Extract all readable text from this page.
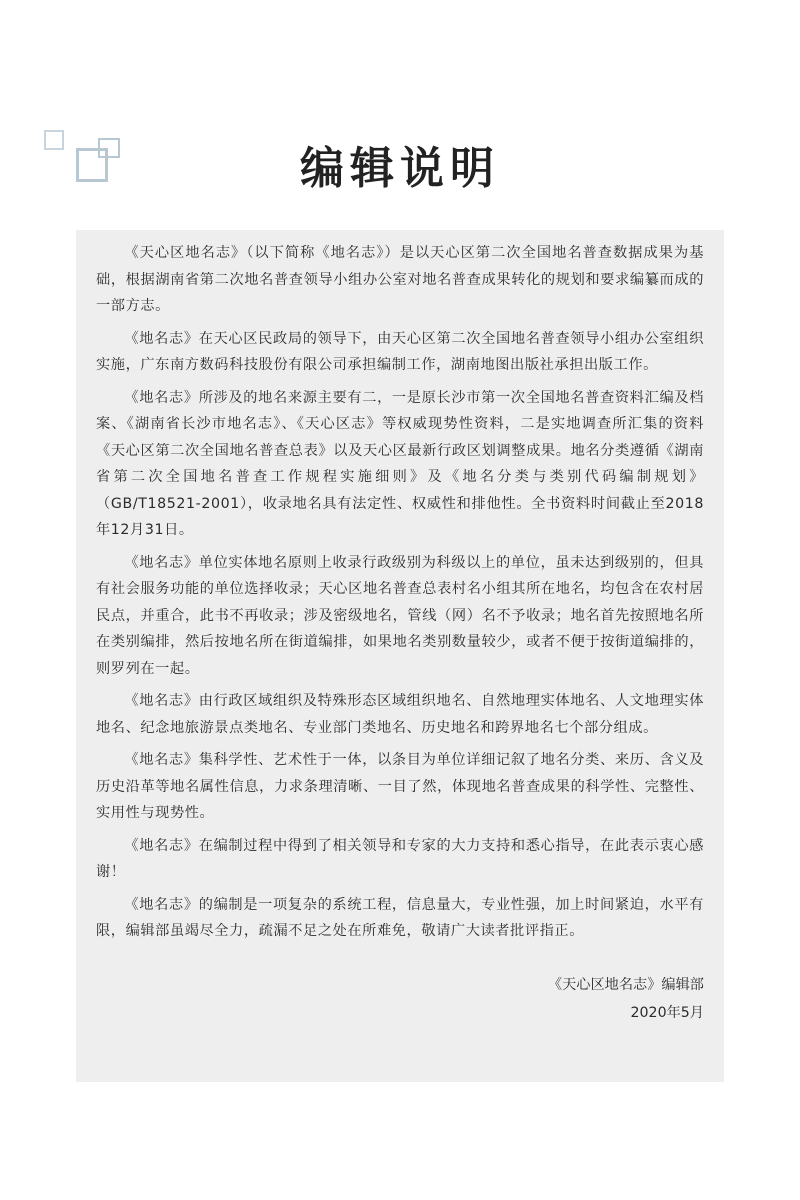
编辑说明

《天心区地名志》（以下简称《地名志》）是以天心区第二次全国地名普查数据成果为基础，根据湖南省第二次地名普查领导小组办公室对地名普查成果转化的规划和要求编纂而成的一部方志。

《地名志》在天心区民政局的领导下，由天心区第二次全国地名普查领导小组办公室组织实施，广东南方数码科技股份有限公司承担编制工作，湖南地图出版社承担出版工作。

《地名志》所涉及的地名来源主要有二，一是原长沙市第一次全国地名普查资料汇编及档案、《湖南省长沙市地名志》、《天心区志》等权威现势性资料，二是实地调查所汇集的资料《天心区第二次全国地名普查总表》以及天心区最新行政区划调整成果。地名分类遵循《湖南省第二次全国地名普查工作规程实施细则》及《地名分类与类别代码编制规划》（GB/T18521-2001），收录地名具有法定性、权威性和排他性。全书资料时间截止至2018年12月31日。

《地名志》单位实体地名原则上收录行政级别为科级以上的单位，虽未达到级别的，但具有社会服务功能的单位选择收录；天心区地名普查总表村名小组其所在地名，均包含在农村居民点，并重合，此书不再收录；涉及密级地名，管线（网）名不予收录；地名首先按照地名所在类别编排，然后按地名所在街道编排，如果地名类别数量较少，或者不便于按街道编排的，则罗列在一起。

《地名志》由行政区域组织及特殊形态区域组织地名、自然地理实体地名、人文地理实体地名、纪念地旅游景点类地名、专业部门类地名、历史地名和跨界地名七个部分组成。

《地名志》集科学性、艺术性于一体，以条目为单位详细记叙了地名分类、来历、含义及历史沿革等地名属性信息，力求条理清晰、一目了然，体现地名普查成果的科学性、完整性、实用性与现势性。

《地名志》在编制过程中得到了相关领导和专家的大力支持和悉心指导，在此表示衷心感谢！

《地名志》的编制是一项复杂的系统工程，信息量大，专业性强，加上时间紧迫，水平有限，编辑部虽竭尽全力，疏漏不足之处在所难免，敬请广大读者批评指正。

《天心区地名志》编辑部
2020年5月
